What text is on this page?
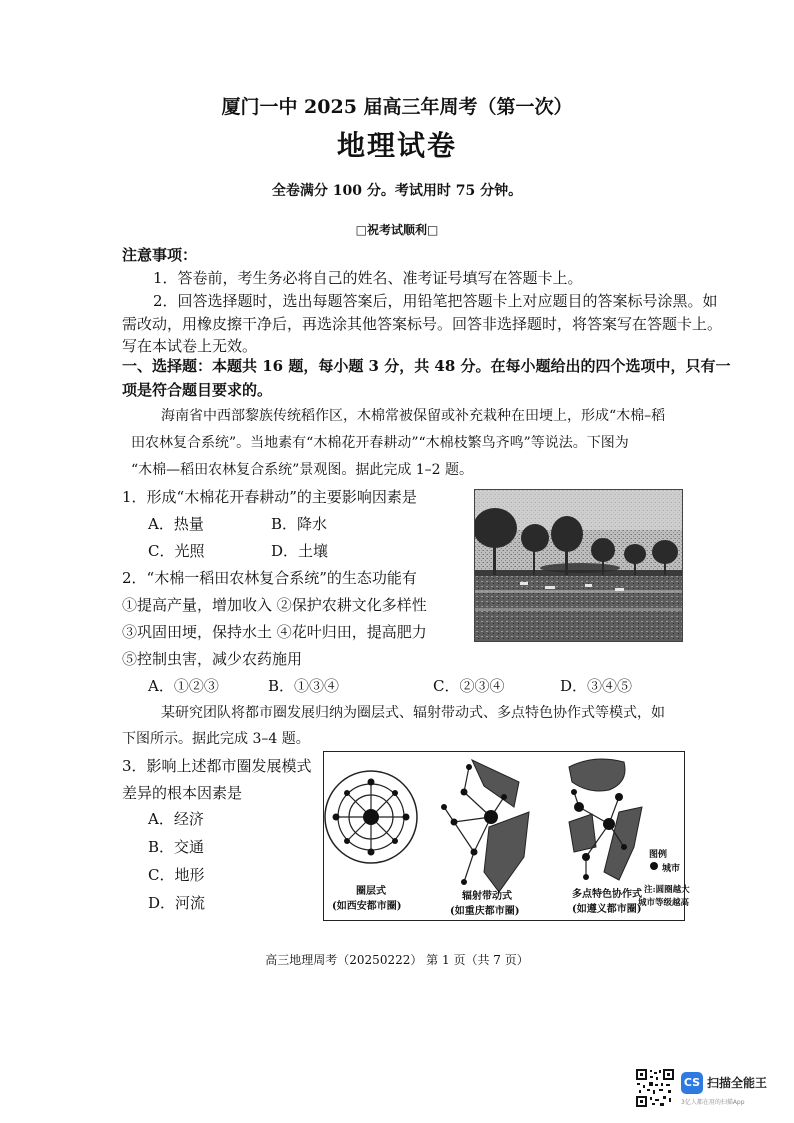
厦门一中 2025 届高三年周考（第一次）
地理试卷
全卷满分 100 分。考试用时 75 分钟。
□祝考试顺利□
注意事项：
1．答卷前，考生务必将自己的姓名、准考证号填写在答题卡上。
2．回答选择题时，选出每题答案后，用铅笔把答题卡上对应题目的答案标号涂黑。如
需改动，用橡皮擦干净后，再选涂其他答案标号。回答非选择题时，将答案写在答题卡上。
写在本试卷上无效。
一、选择题：本题共 16 题，每小题 3 分，共 48 分。在每小题给出的四个选项中，只有一
项是符合题目要求的。
海南省中西部黎族传统稻作区，木棉常被保留或补充栽种在田埂上，形成“木棉–稻
田农林复合系统”。当地素有“木棉花开春耕动”“木棉枝繁鸟齐鸣”等说法。下图为
“木棉—稻田农林复合系统”景观图。据此完成 1–2 题。
1．形成“木棉花开春耕动”的主要影响因素是
A．热量	B．降水
C．光照	D．土壤
2．“木棉一稻田农林复合系统”的生态功能有
①提高产量，增加收入 ②保护农耕文化多样性
③巩固田埂，保持水土 ④花叶归田，提高肥力
⑤控制虫害，减少农药施用
A．①②③	B．①③④	C．②③④	D．③④⑤
某研究团队将都市圈发展归纳为圈层式、辐射带动式、多点特色协作式等模式，如
下图所示。据此完成 3–4 题。
3．影响上述都市圈发展模式
差异的根本因素是
A．经济
B．交通
C．地形
D．河流
圈层式
(如西安都市圈)
辐射带动式
(如重庆都市圈)
多点特色协作式
(如遵义都市圈)
图例
城市
注:圆圈越大
城市等级越高
高三地理周考（20250222） 第 1 页（共 7 页）
CS 扫描全能王
3亿人都在用的扫描App
